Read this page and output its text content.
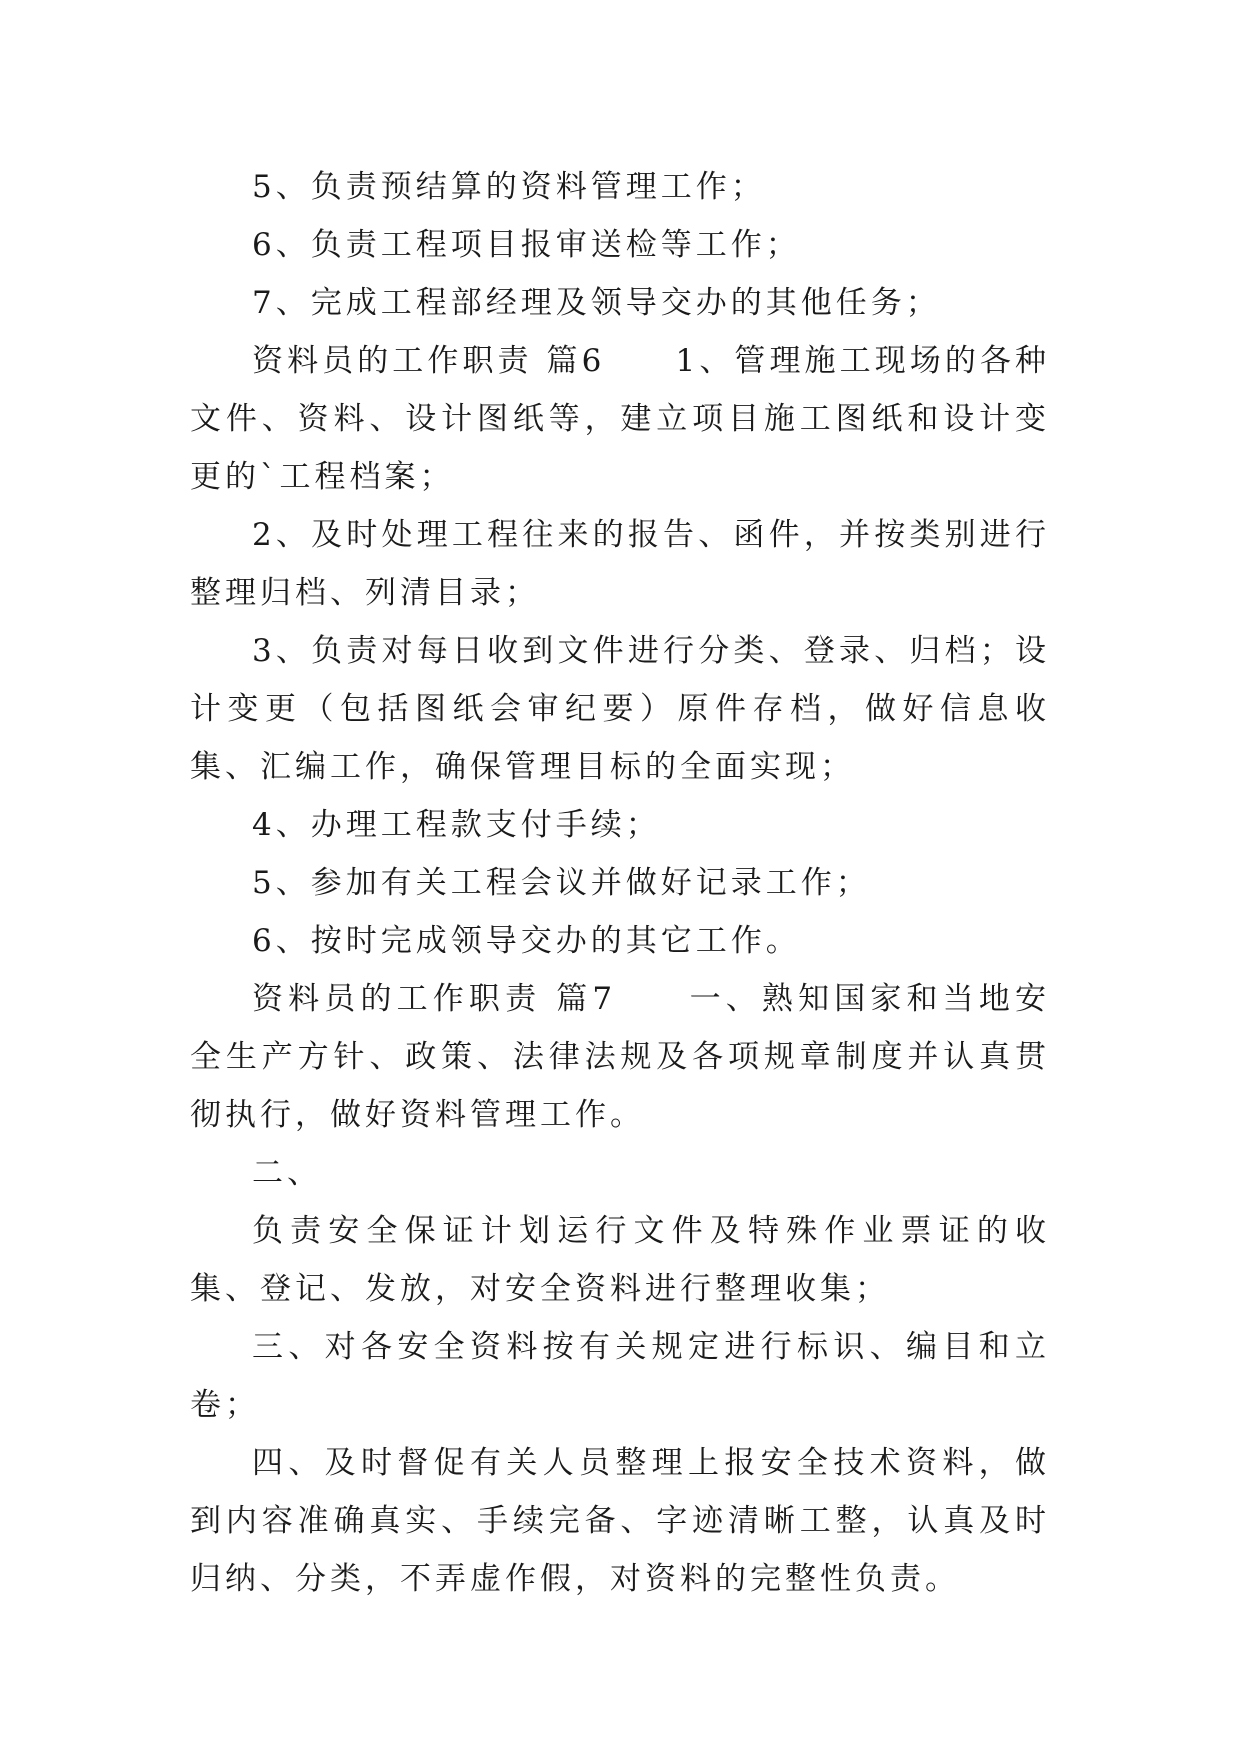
5、负责预结算的资料管理工作；

6、负责工程项目报审送检等工作；

7、完成工程部经理及领导交办的其他任务；

资料员的工作职责 篇6　　1、管理施工现场的各种文件、资料、设计图纸等，建立项目施工图纸和设计变更的`工程档案；

2、及时处理工程往来的报告、函件，并按类别进行整理归档、列清目录；

3、负责对每日收到文件进行分类、登录、归档；设计变更（包括图纸会审纪要）原件存档，做好信息收集、汇编工作，确保管理目标的全面实现；

4、办理工程款支付手续；

5、参加有关工程会议并做好记录工作；

6、按时完成领导交办的其它工作。

资料员的工作职责 篇7　　一、熟知国家和当地安全生产方针、政策、法律法规及各项规章制度并认真贯彻执行，做好资料管理工作。

二、

负责安全保证计划运行文件及特殊作业票证的收集、登记、发放，对安全资料进行整理收集；

三、对各安全资料按有关规定进行标识、编目和立卷；

四、及时督促有关人员整理上报安全技术资料，做到内容准确真实、手续完备、字迹清晰工整，认真及时归纳、分类，不弄虚作假，对资料的完整性负责。
